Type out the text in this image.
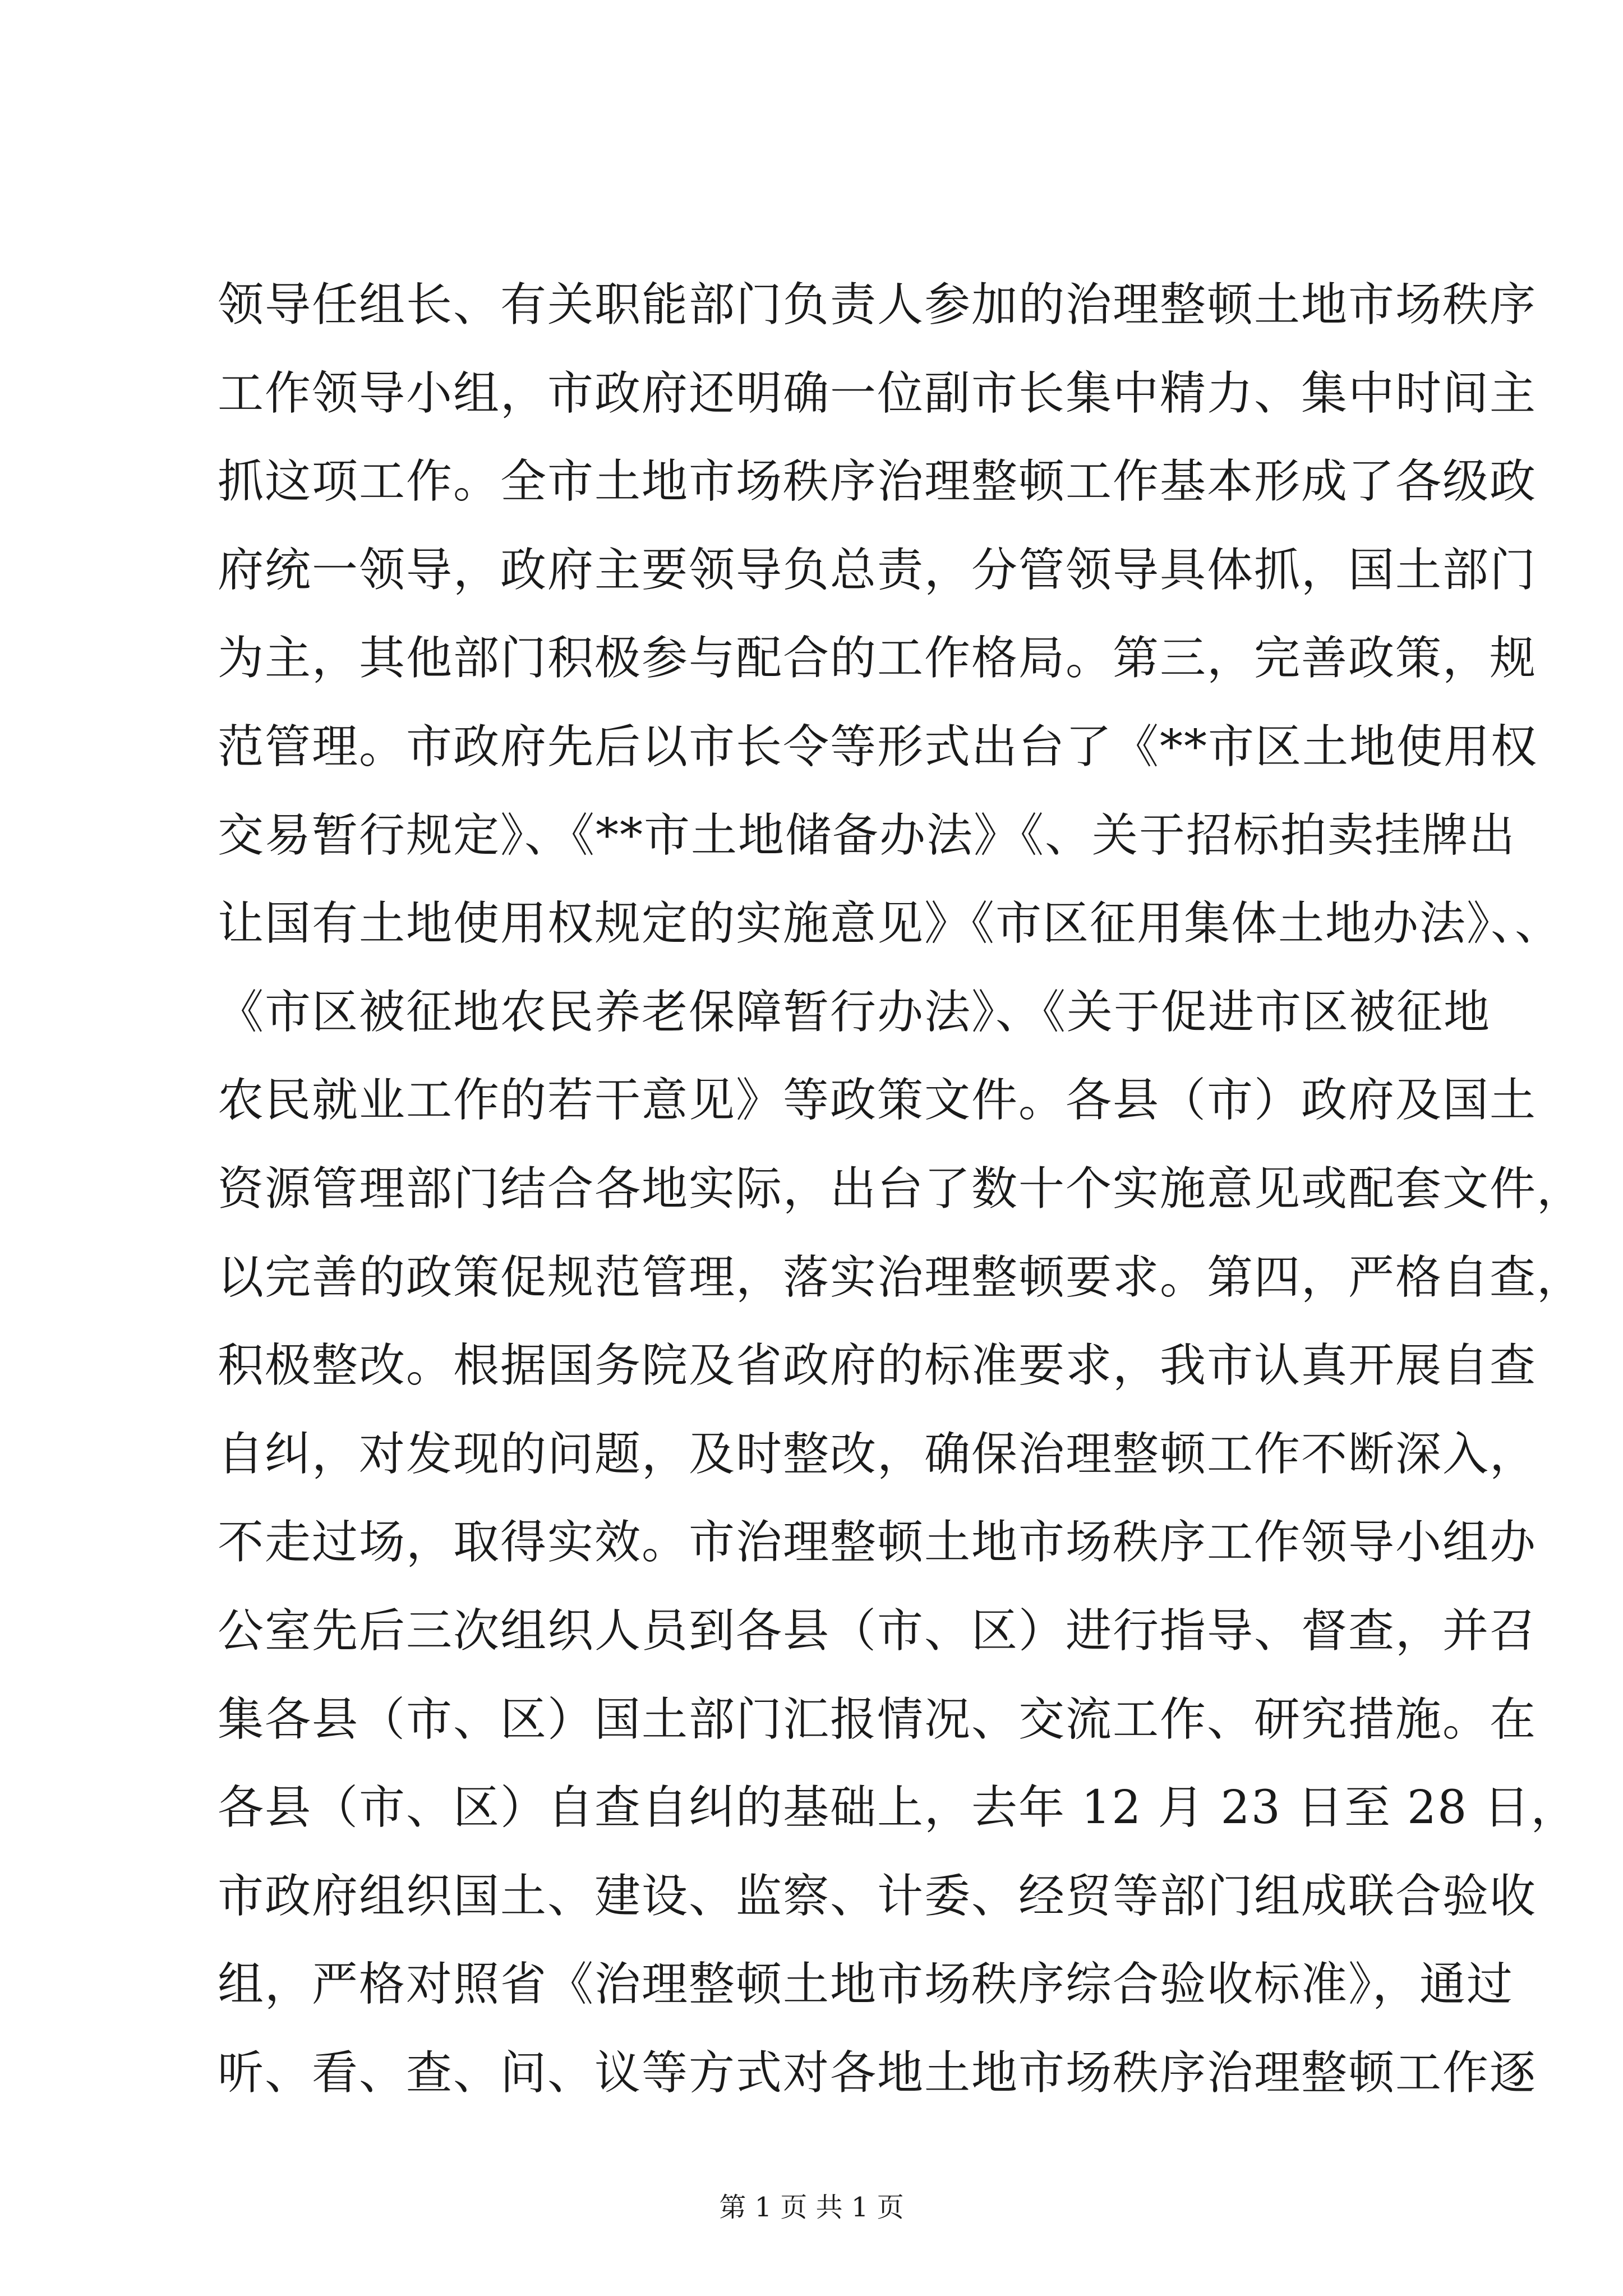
领导任组长、有关职能部门负责人参加的治理整顿土地市场秩序
工作领导小组，市政府还明确一位副市长集中精力、集中时间主
抓这项工作。全市土地市场秩序治理整顿工作基本形成了各级政
府统一领导，政府主要领导负总责，分管领导具体抓，国土部门
为主，其他部门积极参与配合的工作格局。第三，完善政策，规
范管理。市政府先后以市长令等形式出台了《**市区土地使用权
交易暂行规定》、《**市土地储备办法》《、关于招标拍卖挂牌出
让国有土地使用权规定的实施意见》《市区征用集体土地办法》、、
《市区被征地农民养老保障暂行办法》、《关于促进市区被征地
农民就业工作的若干意见》等政策文件。各县（市）政府及国土
资源管理部门结合各地实际，出台了数十个实施意见或配套文件，
以完善的政策促规范管理，落实治理整顿要求。第四，严格自查，
积极整改。根据国务院及省政府的标准要求，我市认真开展自查
自纠，对发现的问题，及时整改，确保治理整顿工作不断深入，
不走过场，取得实效。市治理整顿土地市场秩序工作领导小组办
公室先后三次组织人员到各县（市、区）进行指导、督查，并召
集各县（市、区）国土部门汇报情况、交流工作、研究措施。在
各县（市、区）自查自纠的基础上，去年 12 月 23 日至 28 日，
市政府组织国土、建设、监察、计委、经贸等部门组成联合验收
组，严格对照省《治理整顿土地市场秩序综合验收标准》，通过
听、看、查、问、议等方式对各地土地市场秩序治理整顿工作逐
第 1 页 共 1 页
